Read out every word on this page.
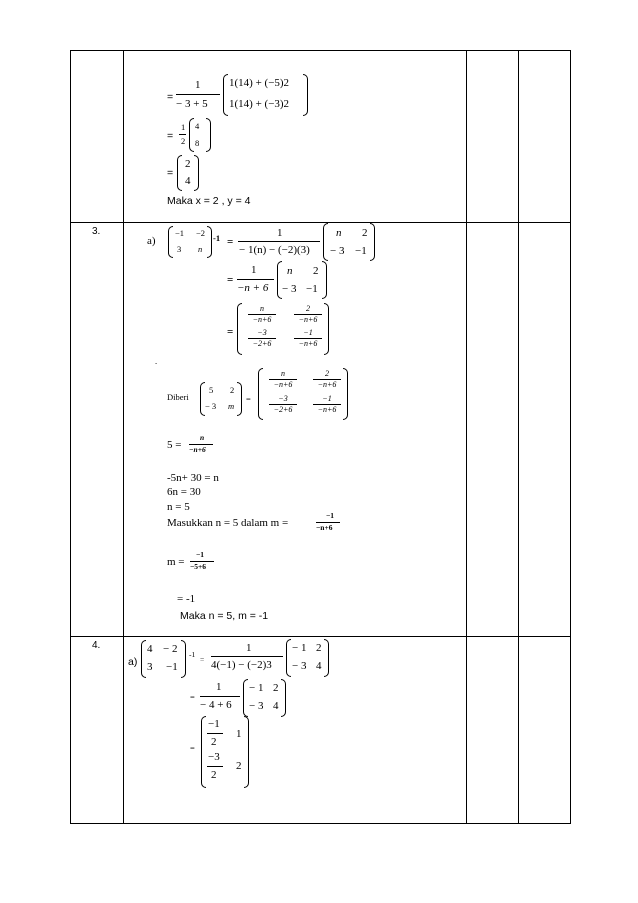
3.
4.
=
1
− 3 + 5
1(14) + (−5)2
1(14) + (−3)2
=
1
2
4
8
=
2
4
Maka x = 2 , y = 4
a)
−1 −2
3 n
-1 =
1
− 1(n) − (−2)(3)
n 2
− 3 −1
=
1
−n + 6
n 2
− 3 −1
=
n
−n+6
2
−n+6
−3
−2+6
−1
−n+6
.
Diberi
5 2
− 3 m
=
n
−n+6
2
−n+6
−3
−2+6
−1
−n+6
5 =
n
−n+6
-5n+ 30 = n
6n = 30
n = 5
Masukkan n = 5 dalam m =
−1
−n+6
m =
−1
−5+6
= -1
Maka n = 5, m = -1
a)
4 − 2
3 −1
-1
=
1
4(−1) − (−2)3
− 1 2
− 3 4
=
1
− 4 + 6
− 1 2
− 3 4
=
−1
2
1
−3
2
2
